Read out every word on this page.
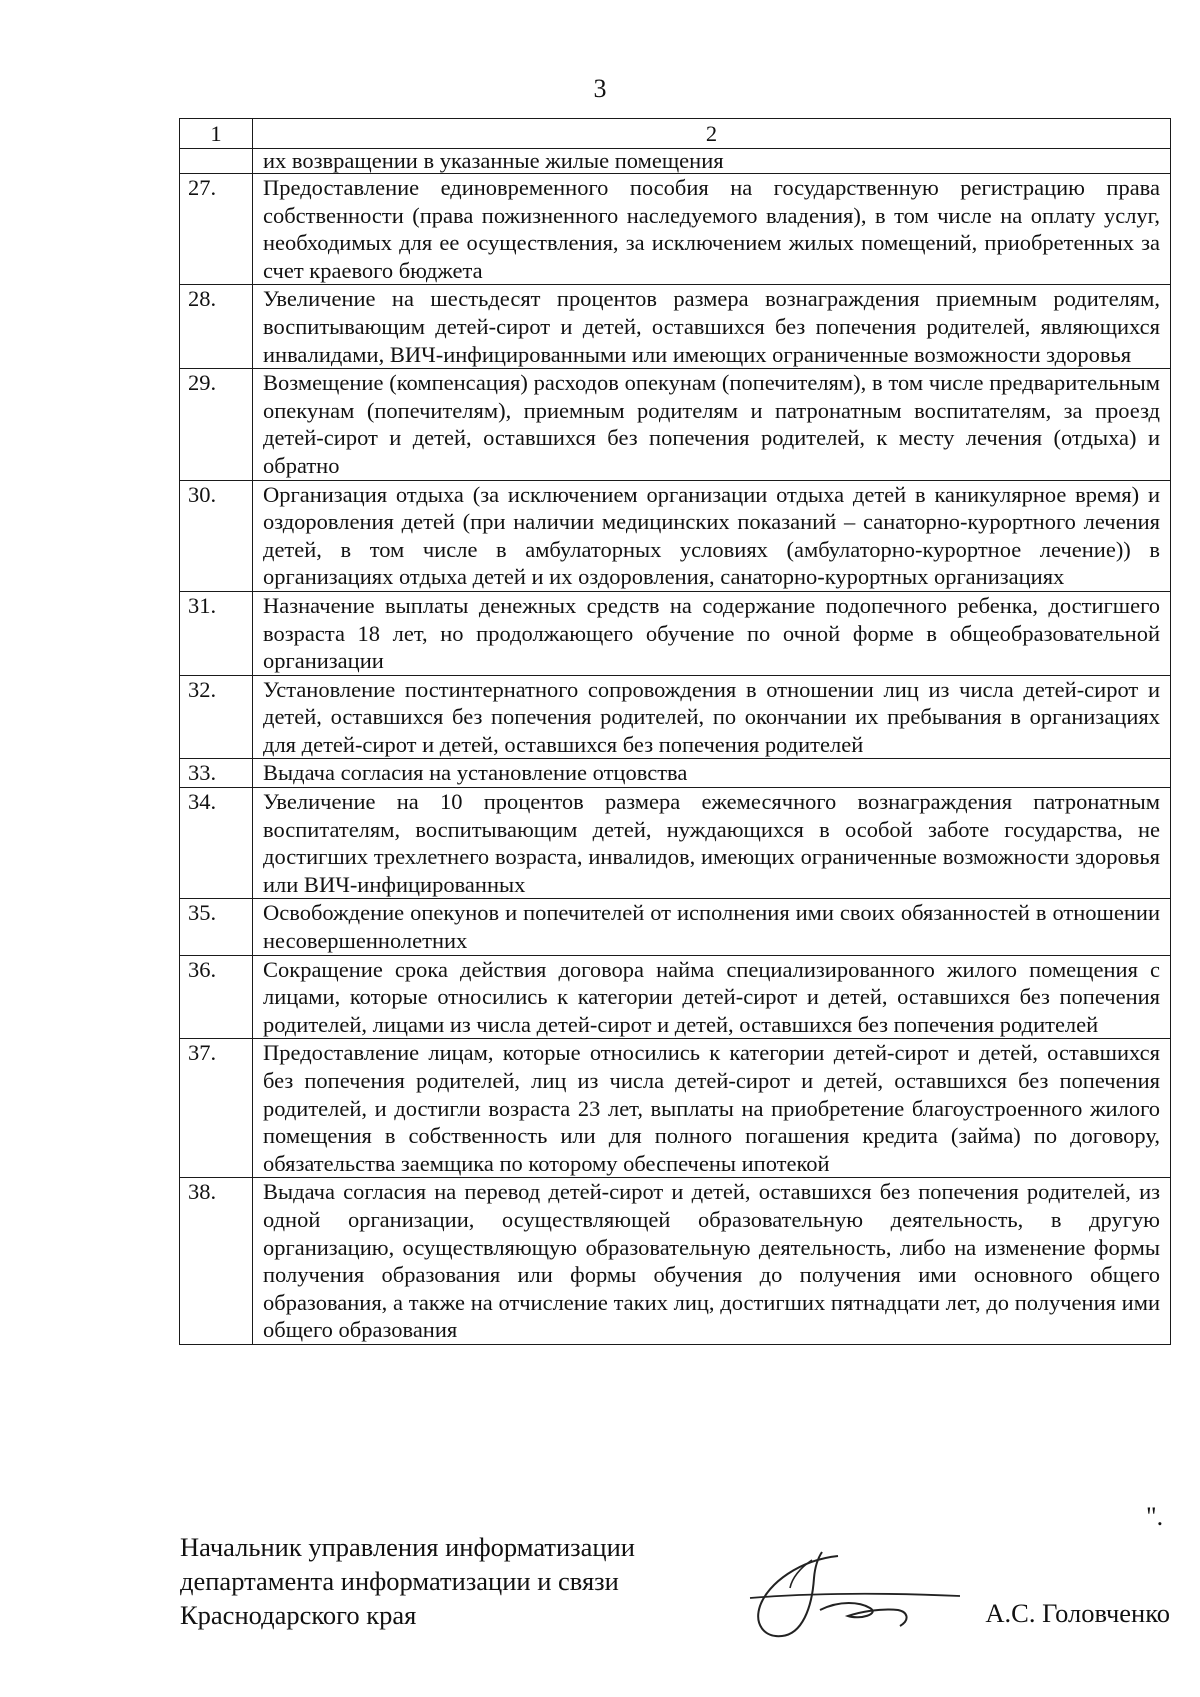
3
1	2
	их возвращении в указанные жилые помещения
27.	Предоставление единовременного пособия на государственную регистрацию права собственности (права пожизненного наследуемого владения), в том числе на оплату услуг, необходимых для ее осуществления, за исключением жилых помещений, приобретенных за счет краевого бюджета
28.	Увеличение на шестьдесят процентов размера вознаграждения приемным родителям, воспитывающим детей-сирот и детей, оставшихся без попечения родителей, являющихся инвалидами, ВИЧ-инфицированными или имеющих ограниченные возможности здоровья
29.	Возмещение (компенсация) расходов опекунам (попечителям), в том числе предварительным опекунам (попечителям), приемным родителям и патронатным воспитателям, за проезд детей-сирот и детей, оставшихся без попечения родителей, к месту лечения (отдыха) и обратно
30.	Организация отдыха (за исключением организации отдыха детей в каникулярное время) и оздоровления детей (при наличии медицинских показаний – санаторно-курортного лечения детей, в том числе в амбулаторных условиях (амбулаторно-курортное лечение)) в организациях отдыха детей и их оздоровления, санаторно-курортных организациях
31.	Назначение выплаты денежных средств на содержание подопечного ребенка, достигшего возраста 18 лет, но продолжающего обучение по очной форме в общеобразовательной организации
32.	Установление постинтернатного сопровождения в отношении лиц из числа детей-сирот и детей, оставшихся без попечения родителей, по окончании их пребывания в организациях для детей-сирот и детей, оставшихся без попечения родителей
33.	Выдача согласия на установление отцовства
34.	Увеличение на 10 процентов размера ежемесячного вознаграждения патронатным воспитателям, воспитывающим детей, нуждающихся в особой заботе государства, не достигших трехлетнего возраста, инвалидов, имеющих ограниченные возможности здоровья или ВИЧ-инфицированных
35.	Освобождение опекунов и попечителей от исполнения ими своих обязанностей в отношении несовершеннолетних
36.	Сокращение срока действия договора найма специализированного жилого помещения с лицами, которые относились к категории детей-сирот и детей, оставшихся без попечения родителей, лицами из числа детей-сирот и детей, оставшихся без попечения родителей
37.	Предоставление лицам, которые относились к категории детей-сирот и детей, оставшихся без попечения родителей, лиц из числа детей-сирот и детей, оставшихся без попечения родителей, и достигли возраста 23 лет, выплаты на приобретение благоустроенного жилого помещения в собственность или для полного погашения кредита (займа) по договору, обязательства заемщика по которому обеспечены ипотекой
38.	Выдача согласия на перевод детей-сирот и детей, оставшихся без попечения родителей, из одной организации, осуществляющей образовательную деятельность, в другую организацию, осуществляющую образовательную деятельность, либо на изменение формы получения образования или формы обучения до получения ими основного общего образования, а также на отчисление таких лиц, достигших пятнадцати лет, до получения ими общего образования
".
Начальник управления информатизации
департамента информатизации и связи
Краснодарского края	А.С. Головченко
